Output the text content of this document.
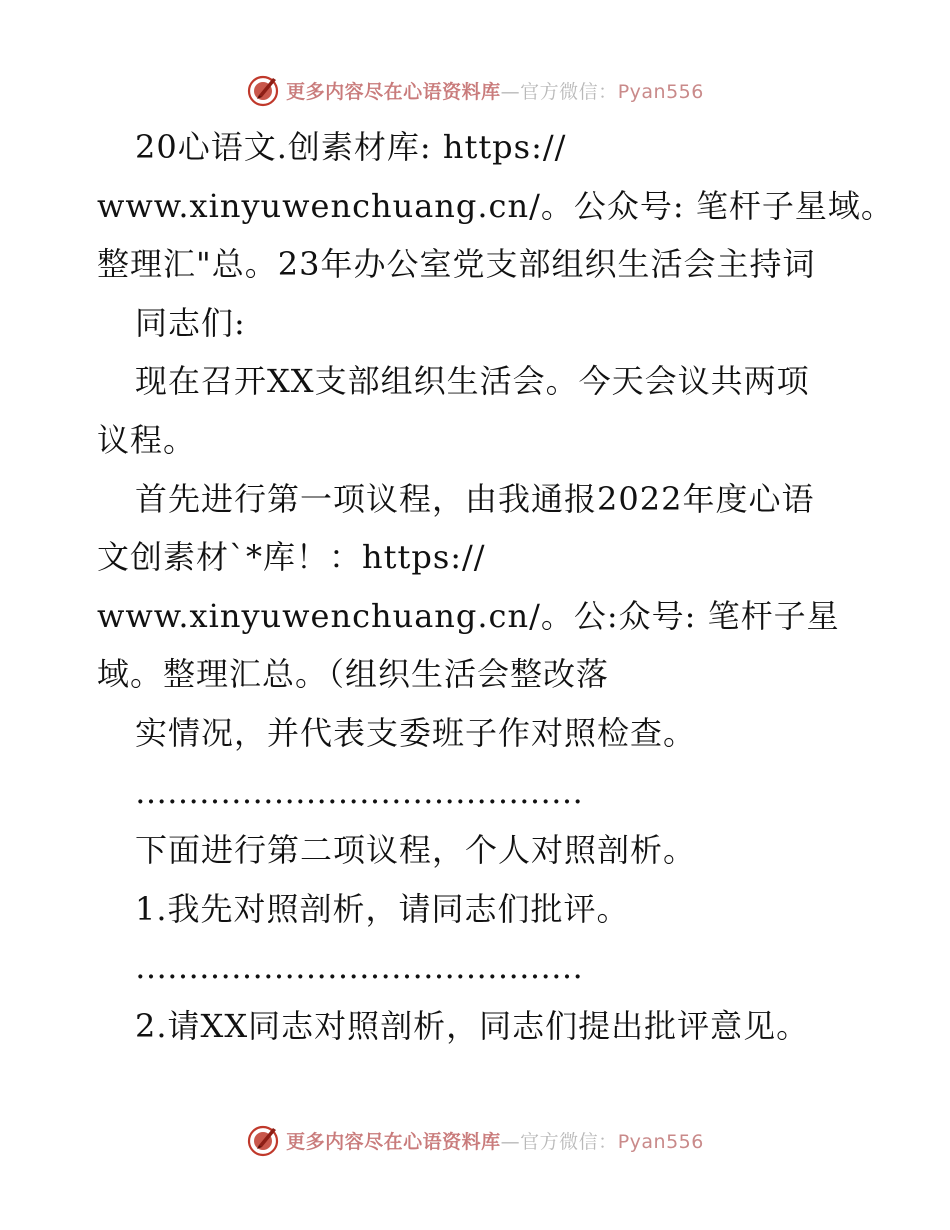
更多内容尽在心语资料库—官方微信：Pyan556
20心语文.创素材库: https://
www.xinyuwenchuang.cn/。公众号: 笔杆子星域。
整理汇"总。23年办公室党支部组织生活会主持词
同志们:
现在召开XX支部组织生活会。今天会议共两项
议程。
首先进行第一项议程，由我通报2022年度心语
文创素材`*库！：https://
www.xinyuwenchuang.cn/。公:众号: 笔杆子星
域。整理汇总。（组织生活会整改落
实情况，并代表支委班子作对照检查。
……………………………………
下面进行第二项议程，个人对照剖析。
1.我先对照剖析，请同志们批评。
……………………………………
2.请XX同志对照剖析，同志们提出批评意见。
更多内容尽在心语资料库—官方微信：Pyan556
